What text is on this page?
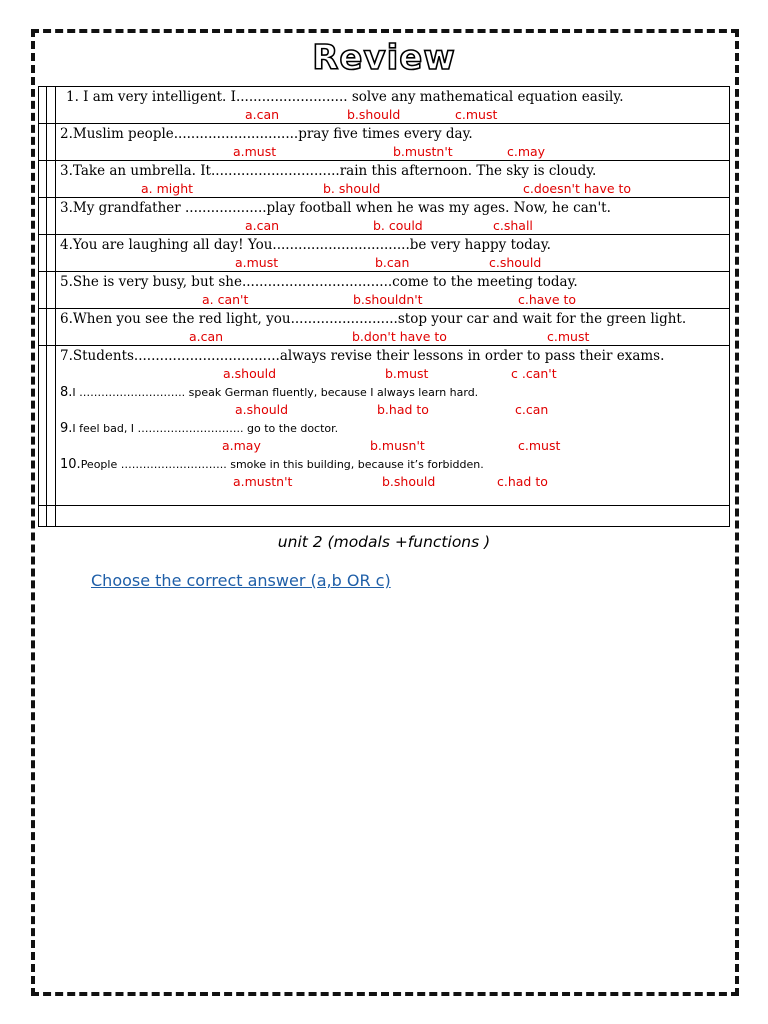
Review
1. I am very intelligent. I.......................... solve any mathematical equation easily.
a.can	b.should	c.must
2.Muslim people.............................pray five times every day.
a.must	b.mustn't	c.may
3.Take an umbrella. It..............................rain this afternoon. The sky is cloudy.
a. might	b. should	c.doesn't have to
3.My grandfather ...................play football when he was my ages. Now, he can't.
a.can	b. could	c.shall
4.You are laughing all day! You................................be very happy today.
a.must	b.can	c.should
5.She is very busy, but she...................................come to the meeting today.
a. can't	b.shouldn't	c.have to
6.When you see the red light, you.........................stop your car and wait for the green light.
a.can	b.don't have to	c.must
7.Students..................................always revise their lessons in order to pass their exams.
a.should	b.must	c .can't
8.I ……………………….. speak German fluently, because I always learn hard.
a.should	b.had to	c.can
9.I feel bad, I ……………………….. go to the doctor.
a.may	b.musn't	c.must
10.People ……………………….. smoke in this building, because it’s forbidden.
a.mustn't	b.should	c.had to
unit 2 (modals +functions )
Choose the correct answer (a,b OR c)
